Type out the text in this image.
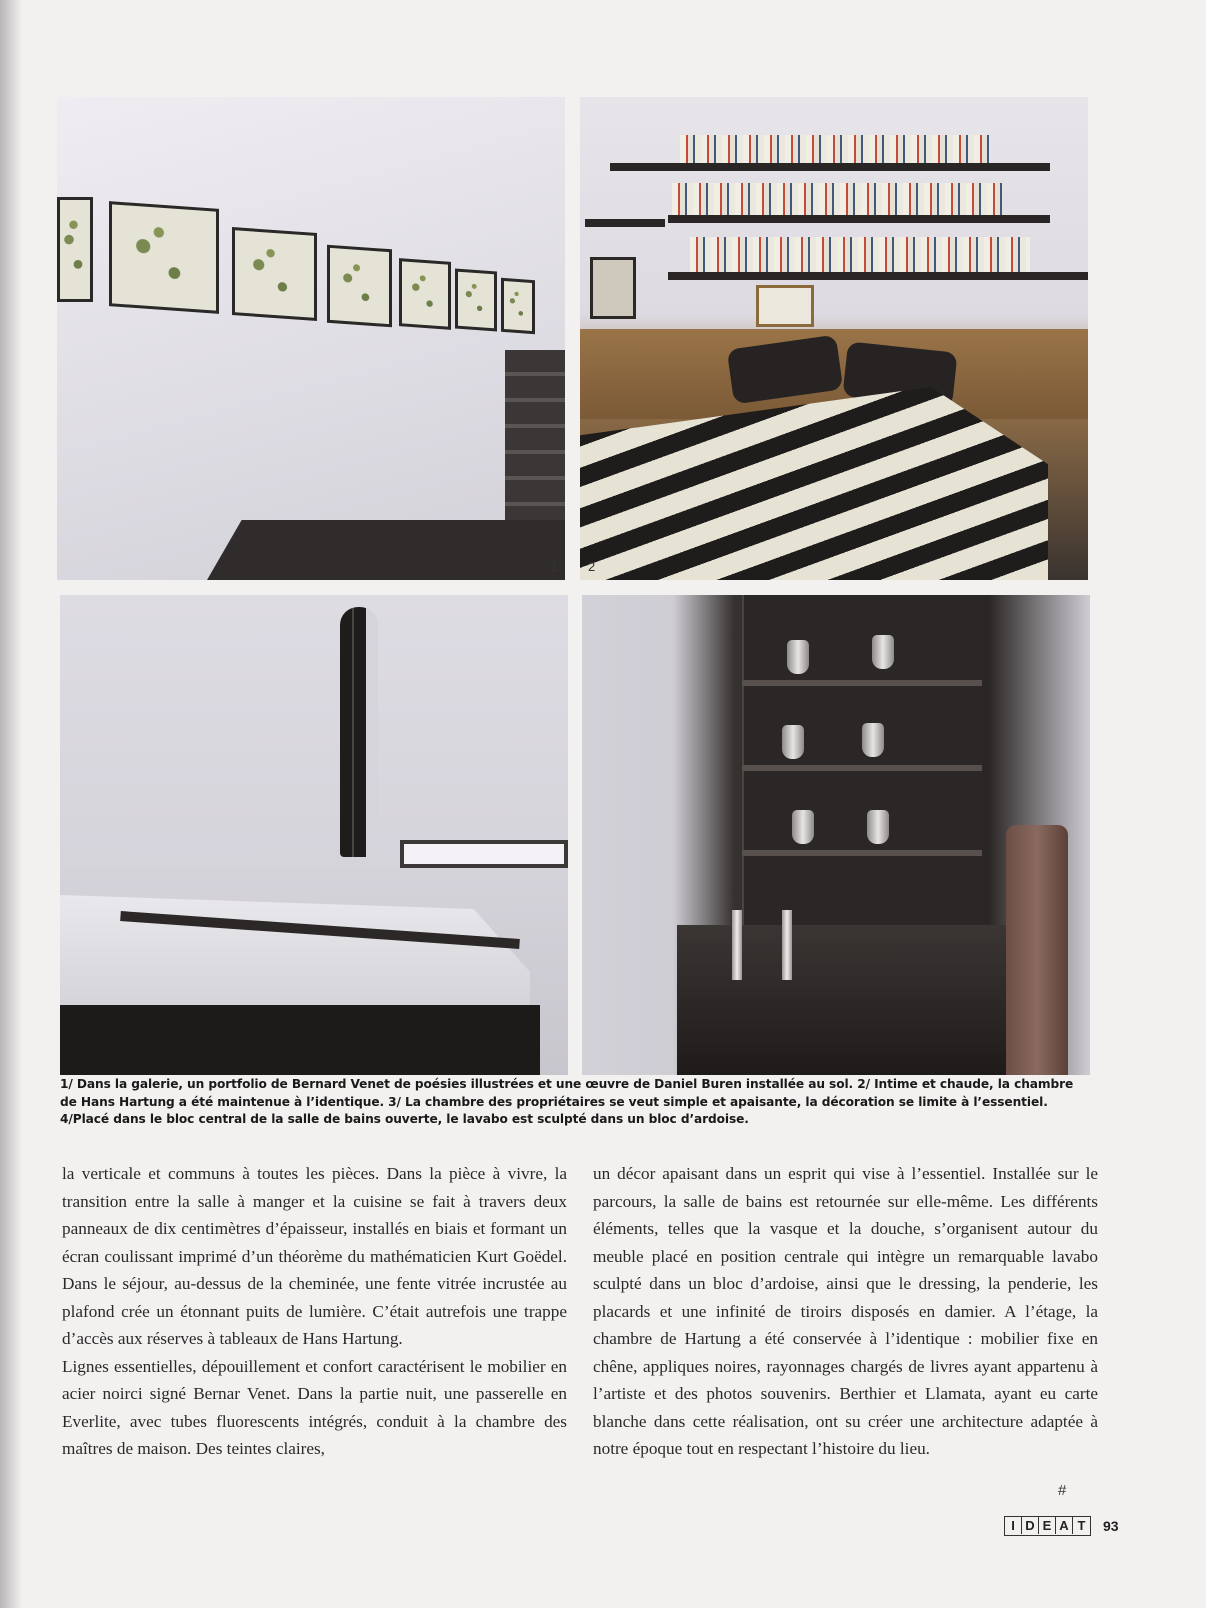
1 2
1/ Dans la galerie, un portfolio de Bernard Venet de poésies illustrées et une œuvre de Daniel Buren installée au sol. 2/ Intime et chaude, la chambre de Hans Hartung a été maintenue à l’identique. 3/ La chambre des propriétaires se veut simple et apaisante, la décoration se limite à l’essentiel. 4/Placé dans le bloc central de la salle de bains ouverte, le lavabo est sculpté dans un bloc d’ardoise.

la verticale et communs à toutes les pièces. Dans la pièce à vivre, la transition entre la salle à manger et la cuisine se fait à travers deux panneaux de dix centimètres d’épaisseur, installés en biais et formant un écran coulissant imprimé d’un théorème du mathématicien Kurt Goëdel. Dans le séjour, au-dessus de la cheminée, une fente vitrée incrustée au plafond crée un étonnant puits de lumière. C’était autrefois une trappe d’accès aux réserves à tableaux de Hans Hartung.

Lignes essentielles, dépouillement et confort caractérisent le mobilier en acier noirci signé Bernar Venet. Dans la partie nuit, une passerelle en Everlite, avec tubes fluorescents intégrés, conduit à la chambre des maîtres de maison. Des teintes claires,

un décor apaisant dans un esprit qui vise à l’essentiel. Installée sur le parcours, la salle de bains est retournée sur elle-même. Les différents éléments, telles que la vasque et la douche, s’organisent autour du meuble placé en position centrale qui intègre un remarquable lavabo sculpté dans un bloc d’ardoise, ainsi que le dressing, la penderie, les placards et une infinité de tiroirs disposés en damier. A l’étage, la chambre de Hartung a été conservée à l’identique : mobilier fixe en chêne, appliques noires, rayonnages chargés de livres ayant appartenu à l’artiste et des photos souvenirs. Berthier et Llamata, ayant eu carte blanche dans cette réalisation, ont su créer une architecture adaptée à notre époque tout en respectant l’histoire du lieu.

#
I D E A T	93
